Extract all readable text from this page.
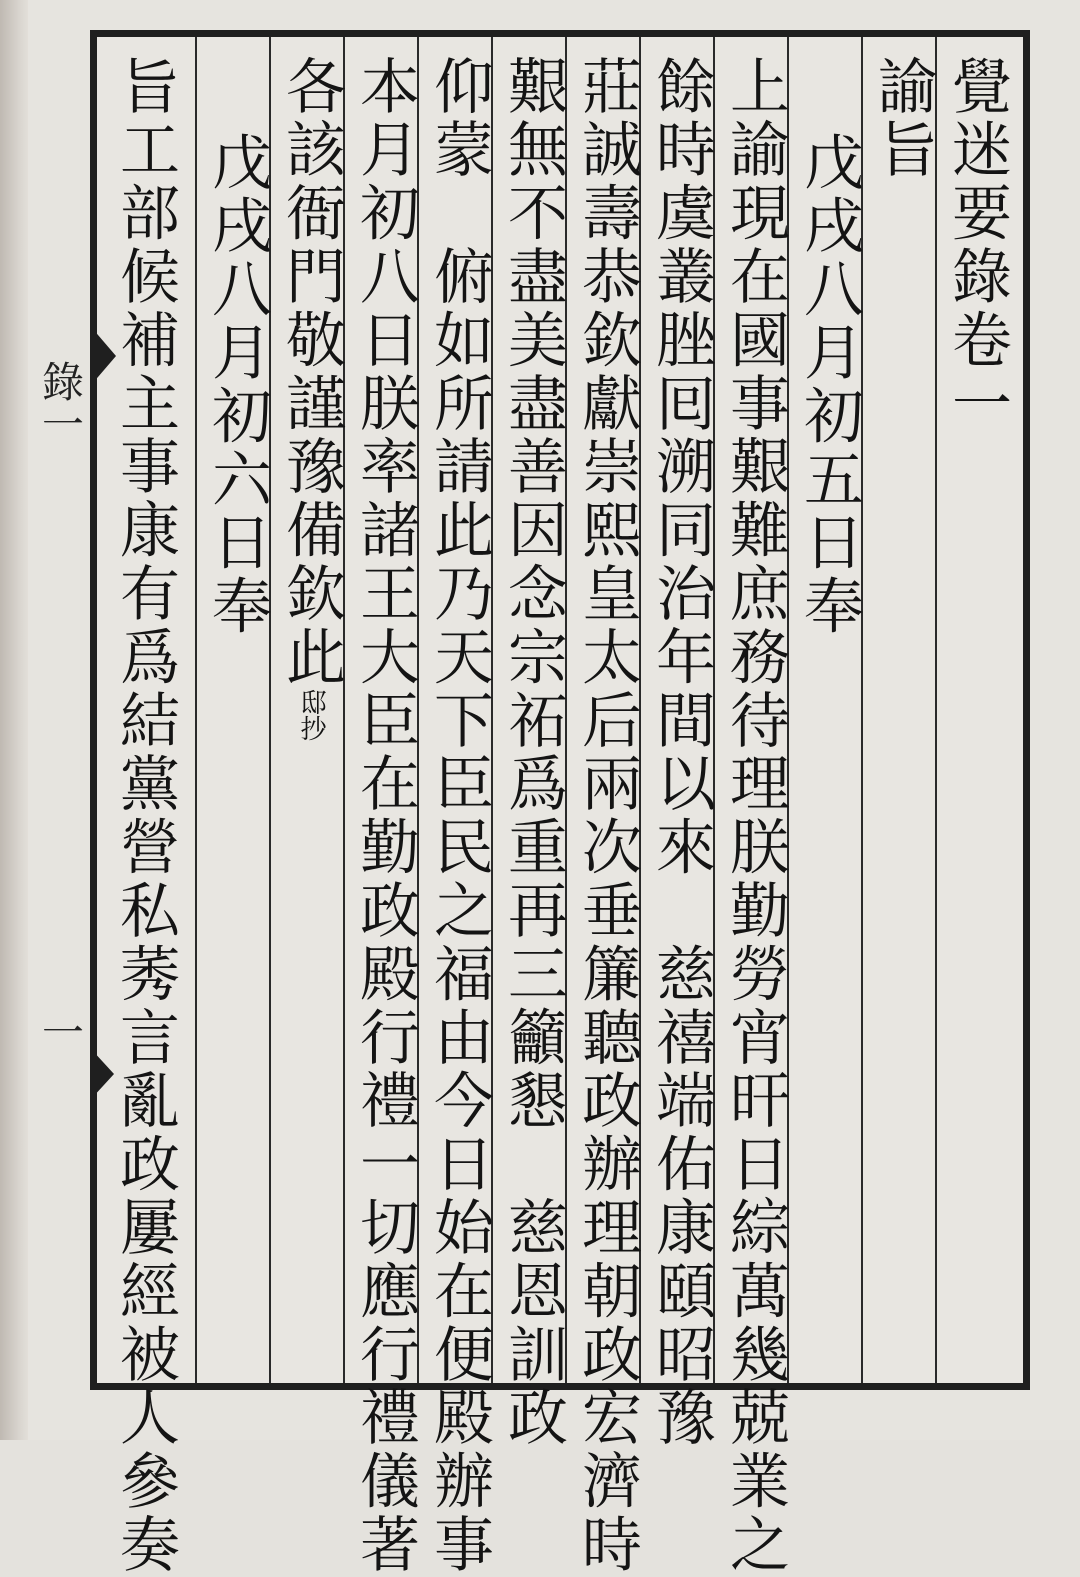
錄一
一
覺迷要錄卷一
諭旨
戊戌八月初五日奉
上諭現在國事艱難庶務待理朕勤勞宵旰日綜萬幾兢業之
餘時虞叢脞囘溯同治年間以來　慈禧端佑康頤昭豫
莊誠壽恭欽獻崇熙皇太后兩次垂簾聽政辦理朝政宏濟時
艱無不盡美盡善因念宗祏爲重再三籲懇　慈恩訓政
仰蒙　俯如所請此乃天下臣民之福由今日始在便殿辦事
本月初八日朕率諸王大臣在勤政殿行禮一切應行禮儀著
各該衙門敬謹豫備欽此邸抄
戊戌八月初六日奉
旨工部候補主事康有爲結黨營私莠言亂政屢經被人參奏
